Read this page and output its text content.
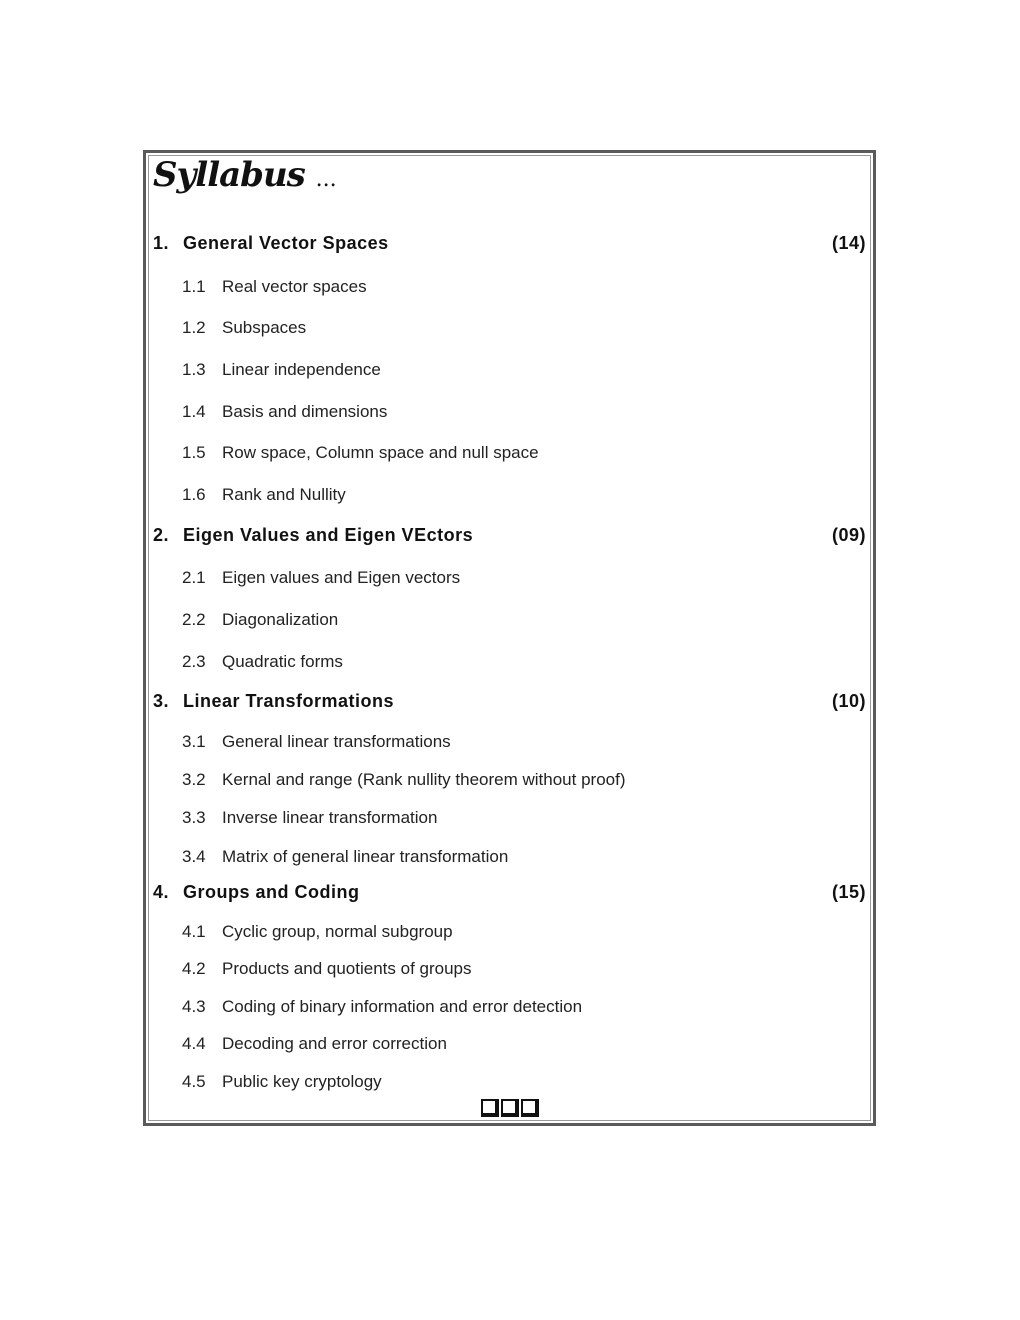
Syllabus ...
1. General Vector Spaces	(14)
1.1 Real vector spaces
1.2 Subspaces
1.3 Linear independence
1.4 Basis and dimensions
1.5 Row space, Column space and null space
1.6 Rank and Nullity
2. Eigen Values and Eigen VEctors	(09)
2.1 Eigen values and Eigen vectors
2.2 Diagonalization
2.3 Quadratic forms
3. Linear Transformations	(10)
3.1 General linear transformations
3.2 Kernal and range (Rank nullity theorem without proof)
3.3 Inverse linear transformation
3.4 Matrix of general linear transformation
4. Groups and Coding	(15)
4.1 Cyclic group, normal subgroup
4.2 Products and quotients of groups
4.3 Coding of binary information and error detection
4.4 Decoding and error correction
4.5 Public key cryptology
